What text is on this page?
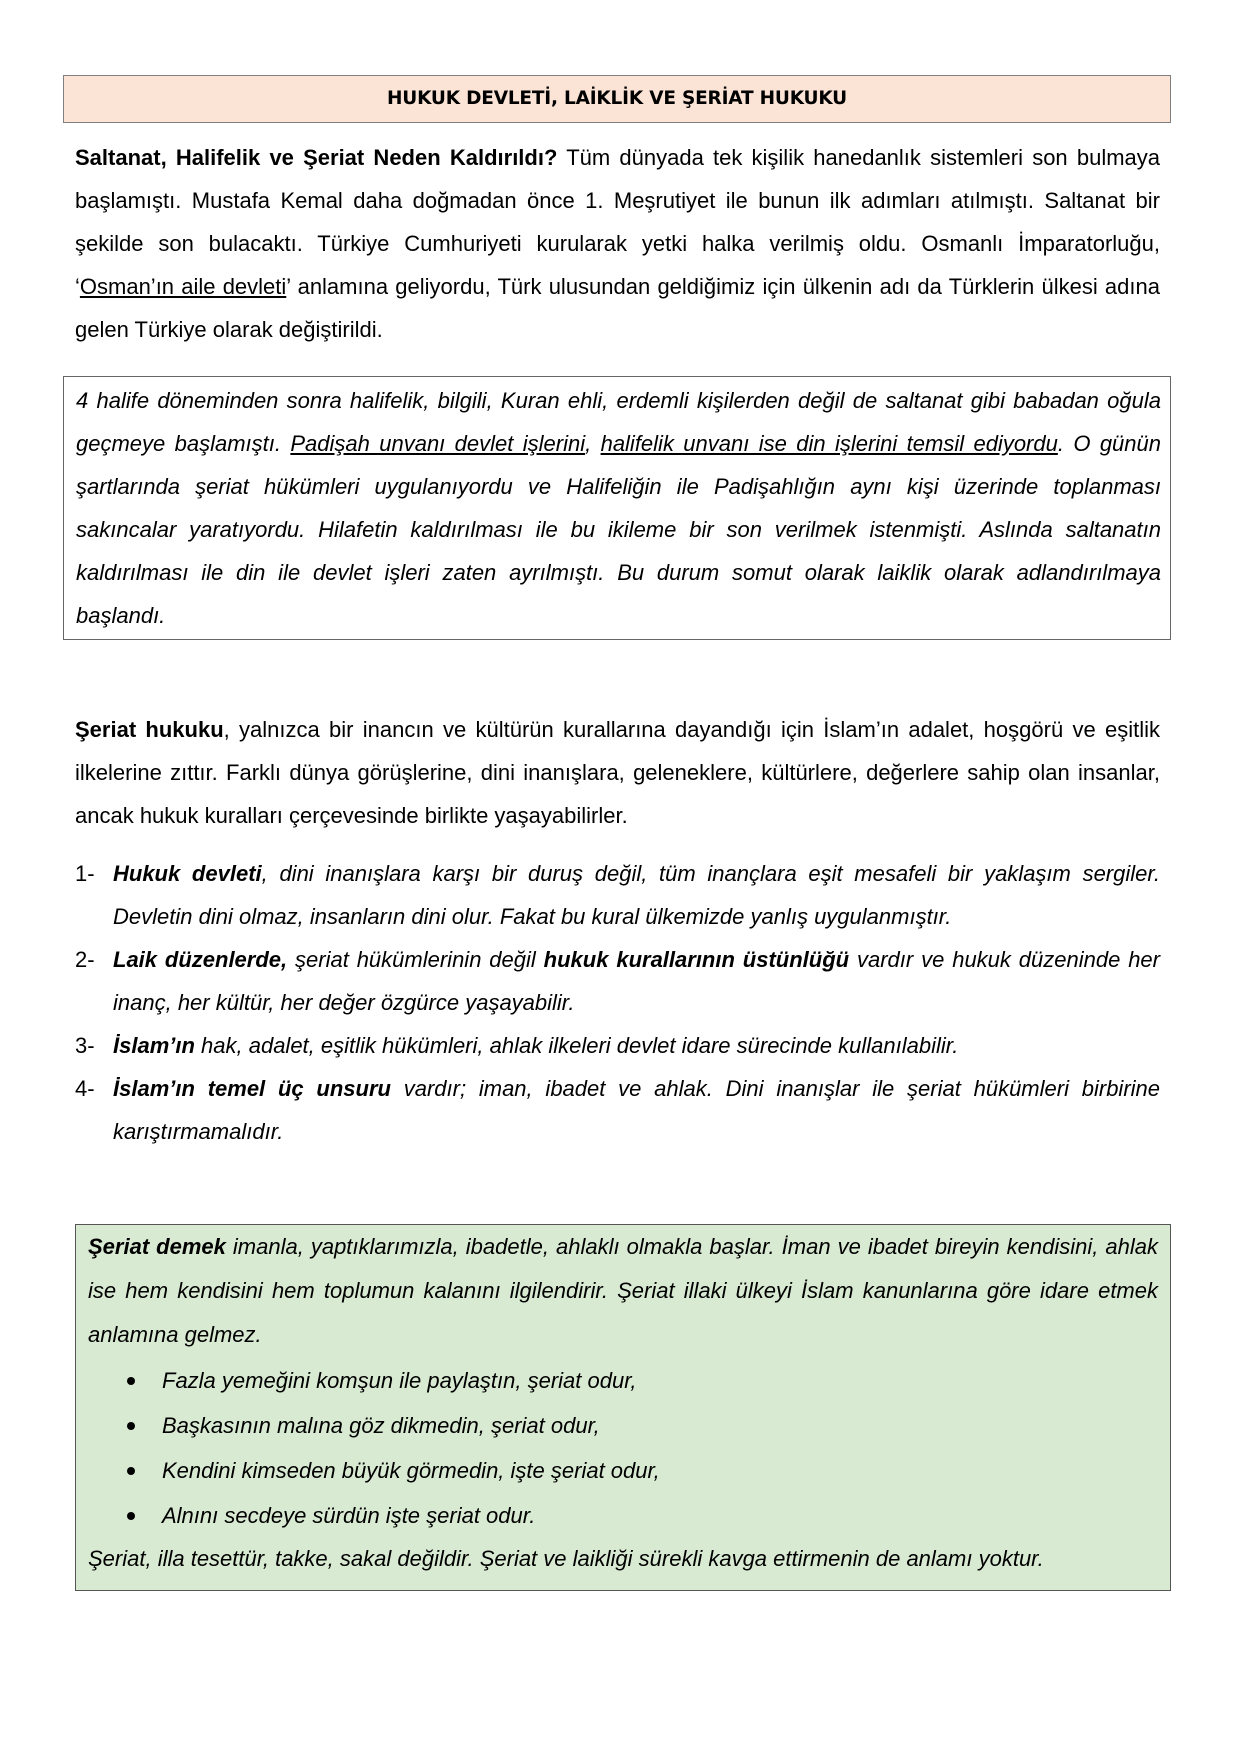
HUKUK DEVLETİ, LAİKLİK VE ŞERİAT HUKUKU

Saltanat, Halifelik ve Şeriat Neden Kaldırıldı? Tüm dünyada tek kişilik hanedanlık sistemleri son bulmaya başlamıştı. Mustafa Kemal daha doğmadan önce 1. Meşrutiyet ile bunun ilk adımları atılmıştı. Saltanat bir şekilde son bulacaktı. Türkiye Cumhuriyeti kurularak yetki halka verilmiş oldu. Osmanlı İmparatorluğu, ‘Osman’ın aile devleti’ anlamına geliyordu, Türk ulusundan geldiğimiz için ülkenin adı da Türklerin ülkesi adına gelen Türkiye olarak değiştirildi.

4 halife döneminden sonra halifelik, bilgili, Kuran ehli, erdemli kişilerden değil de saltanat gibi babadan oğula geçmeye başlamıştı. Padişah unvanı devlet işlerini, halifelik unvanı ise din işlerini temsil ediyordu. O günün şartlarında şeriat hükümleri uygulanıyordu ve Halifeliğin ile Padişahlığın aynı kişi üzerinde toplanması sakıncalar yaratıyordu. Hilafetin kaldırılması ile bu ikileme bir son verilmek istenmişti. Aslında saltanatın kaldırılması ile din ile devlet işleri zaten ayrılmıştı. Bu durum somut olarak laiklik olarak adlandırılmaya başlandı.

Şeriat hukuku, yalnızca bir inancın ve kültürün kurallarına dayandığı için İslam’ın adalet, hoşgörü ve eşitlik ilkelerine zıttır. Farklı dünya görüşlerine, dini inanışlara, geleneklere, kültürlere, değerlere sahip olan insanlar, ancak hukuk kuralları çerçevesinde birlikte yaşayabilirler.

1- Hukuk devleti, dini inanışlara karşı bir duruş değil, tüm inançlara eşit mesafeli bir yaklaşım sergiler. Devletin dini olmaz, insanların dini olur. Fakat bu kural ülkemizde yanlış uygulanmıştır.
2- Laik düzenlerde, şeriat hükümlerinin değil hukuk kurallarının üstünlüğü vardır ve hukuk düzeninde her inanç, her kültür, her değer özgürce yaşayabilir.
3- İslam’ın hak, adalet, eşitlik hükümleri, ahlak ilkeleri devlet idare sürecinde kullanılabilir.
4- İslam’ın temel üç unsuru vardır; iman, ibadet ve ahlak. Dini inanışlar ile şeriat hükümleri birbirine karıştırmamalıdır.
Şeriat demek imanla, yaptıklarımızla, ibadetle, ahlaklı olmakla başlar. İman ve ibadet bireyin kendisini, ahlak ise hem kendisini hem toplumun kalanını ilgilendirir. Şeriat illaki ülkeyi İslam kanunlarına göre idare etmek anlamına gelmez.
Fazla yemeğini komşun ile paylaştın, şeriat odur,
Başkasının malına göz dikmedin, şeriat odur,
Kendini kimseden büyük görmedin, işte şeriat odur,
Alnını secdeye sürdün işte şeriat odur.
Şeriat, illa tesettür, takke, sakal değildir. Şeriat ve laikliği sürekli kavga ettirmenin de anlamı yoktur.
